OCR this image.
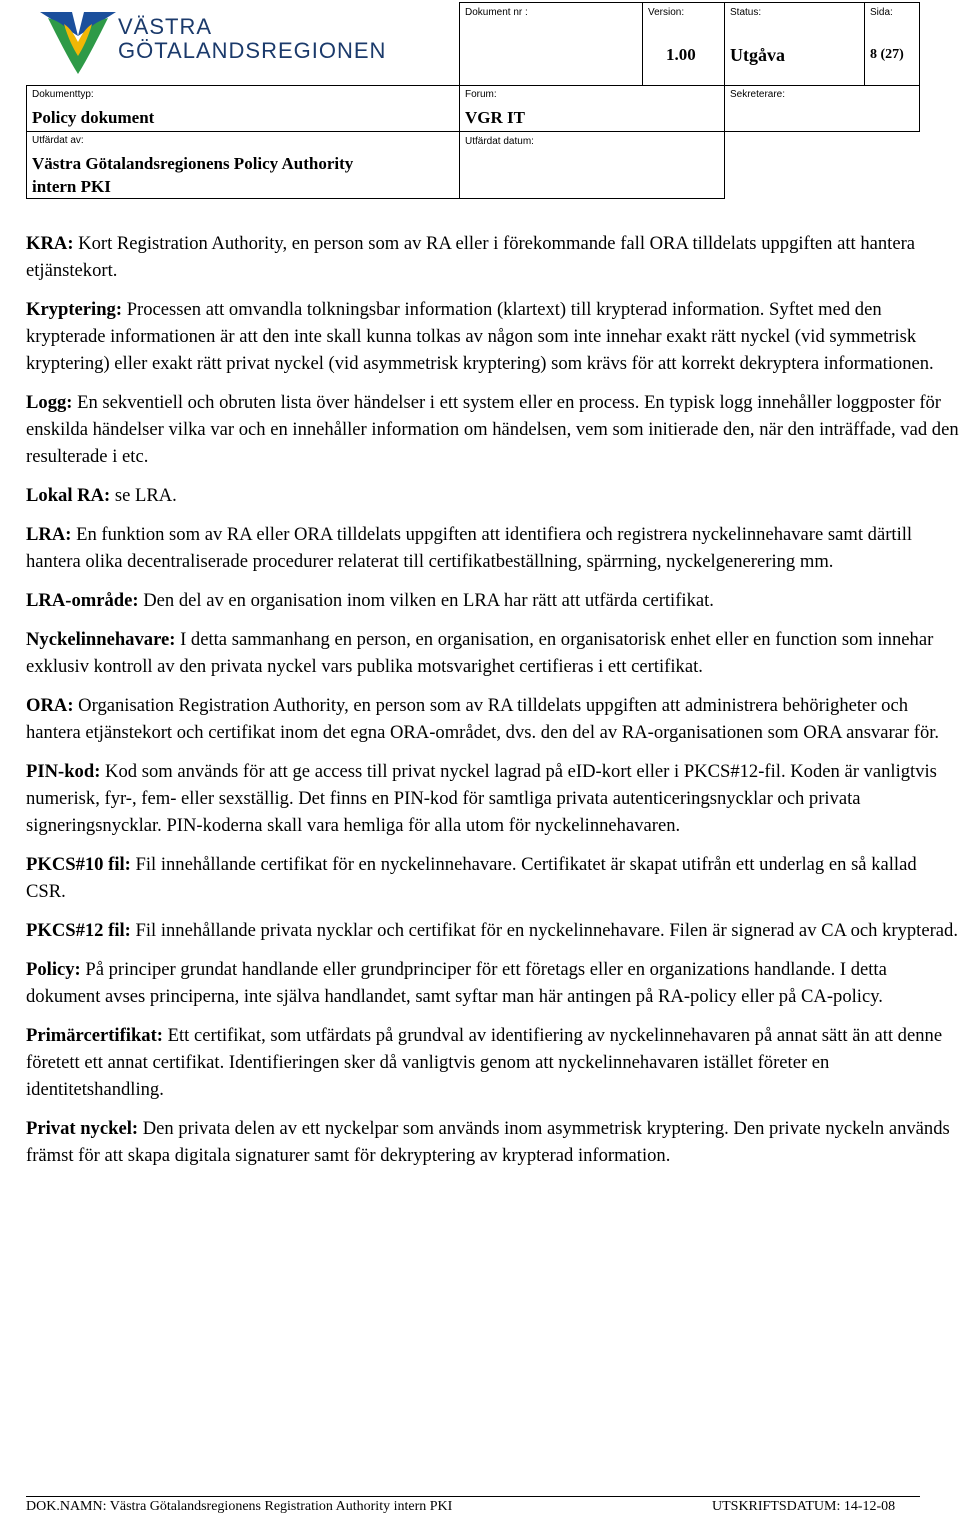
VÄSTRA
GÖTALANDSREGIONEN
Dokument nr :	Version:
1.00
Status:
Utgåva
Sida:
8 (27)
Dokumenttyp:
Policy dokument
Forum:
VGR IT
Sekreterare:
Utfärdat av:
Västra Götalandsregionens Policy Authority
intern PKI
Utfärdat datum:

KRA: Kort Registration Authority, en person som av RA eller i förekommande fall ORA tilldelats uppgiften att hantera etjänstekort.

Kryptering: Processen att omvandla tolkningsbar information (klartext) till krypterad information. Syftet med den krypterade informationen är att den inte skall kunna tolkas av någon som inte innehar exakt rätt nyckel (vid symmetrisk kryptering) eller exakt rätt privat nyckel (vid asymmetrisk kryptering) som krävs för att korrekt dekryptera informationen.

Logg: En sekventiell och obruten lista över händelser i ett system eller en process. En typisk logg innehåller loggposter för enskilda händelser vilka var och en innehåller information om händelsen, vem som initierade den, när den inträffade, vad den resulterade i etc.

Lokal RA: se LRA.

LRA: En funktion som av RA eller ORA tilldelats uppgiften att identifiera och registrera nyckelinnehavare samt därtill hantera olika decentraliserade procedurer relaterat till certifikatbeställning, spärrning, nyckelgenerering mm.

LRA-område: Den del av en organisation inom vilken en LRA har rätt att utfärda certifikat.

Nyckelinnehavare: I detta sammanhang en person, en organisation, en organisatorisk enhet eller en function som innehar exklusiv kontroll av den privata nyckel vars publika motsvarighet certifieras i ett certifikat.

ORA: Organisation Registration Authority, en person som av RA tilldelats uppgiften att administrera behörigheter och hantera etjänstekort och certifikat inom det egna ORA-området, dvs. den del av RA-organisationen som ORA ansvarar för.

PIN-kod: Kod som används för att ge access till privat nyckel lagrad på eID-kort eller i PKCS#12-fil. Koden är vanligtvis numerisk, fyr-, fem- eller sexställig. Det finns en PIN-kod för samtliga privata autenticeringsnycklar och privata signeringsnycklar. PIN-koderna skall vara hemliga för alla utom för nyckelinnehavaren.

PKCS#10 fil: Fil innehållande certifikat för en nyckelinnehavare. Certifikatet är skapat utifrån ett underlag en så kallad CSR.

PKCS#12 fil: Fil innehållande privata nycklar och certifikat för en nyckelinnehavare. Filen är signerad av CA och krypterad.

Policy: På principer grundat handlande eller grundprinciper för ett företags eller en organizations handlande. I detta dokument avses principerna, inte själva handlandet, samt syftar man här antingen på RA-policy eller på CA-policy.

Primärcertifikat: Ett certifikat, som utfärdats på grundval av identifiering av nyckelinnehavaren på annat sätt än att denne företett ett annat certifikat. Identifieringen sker då vanligtvis genom att nyckelinnehavaren istället företer en identitetshandling.

Privat nyckel: Den privata delen av ett nyckelpar som används inom asymmetrisk kryptering. Den private nyckeln används främst för att skapa digitala signaturer samt för dekryptering av krypterad information.

DOK.NAMN: Västra Götalandsregionens Registration Authority intern PKI	UTSKRIFTSDATUM: 14-12-08
